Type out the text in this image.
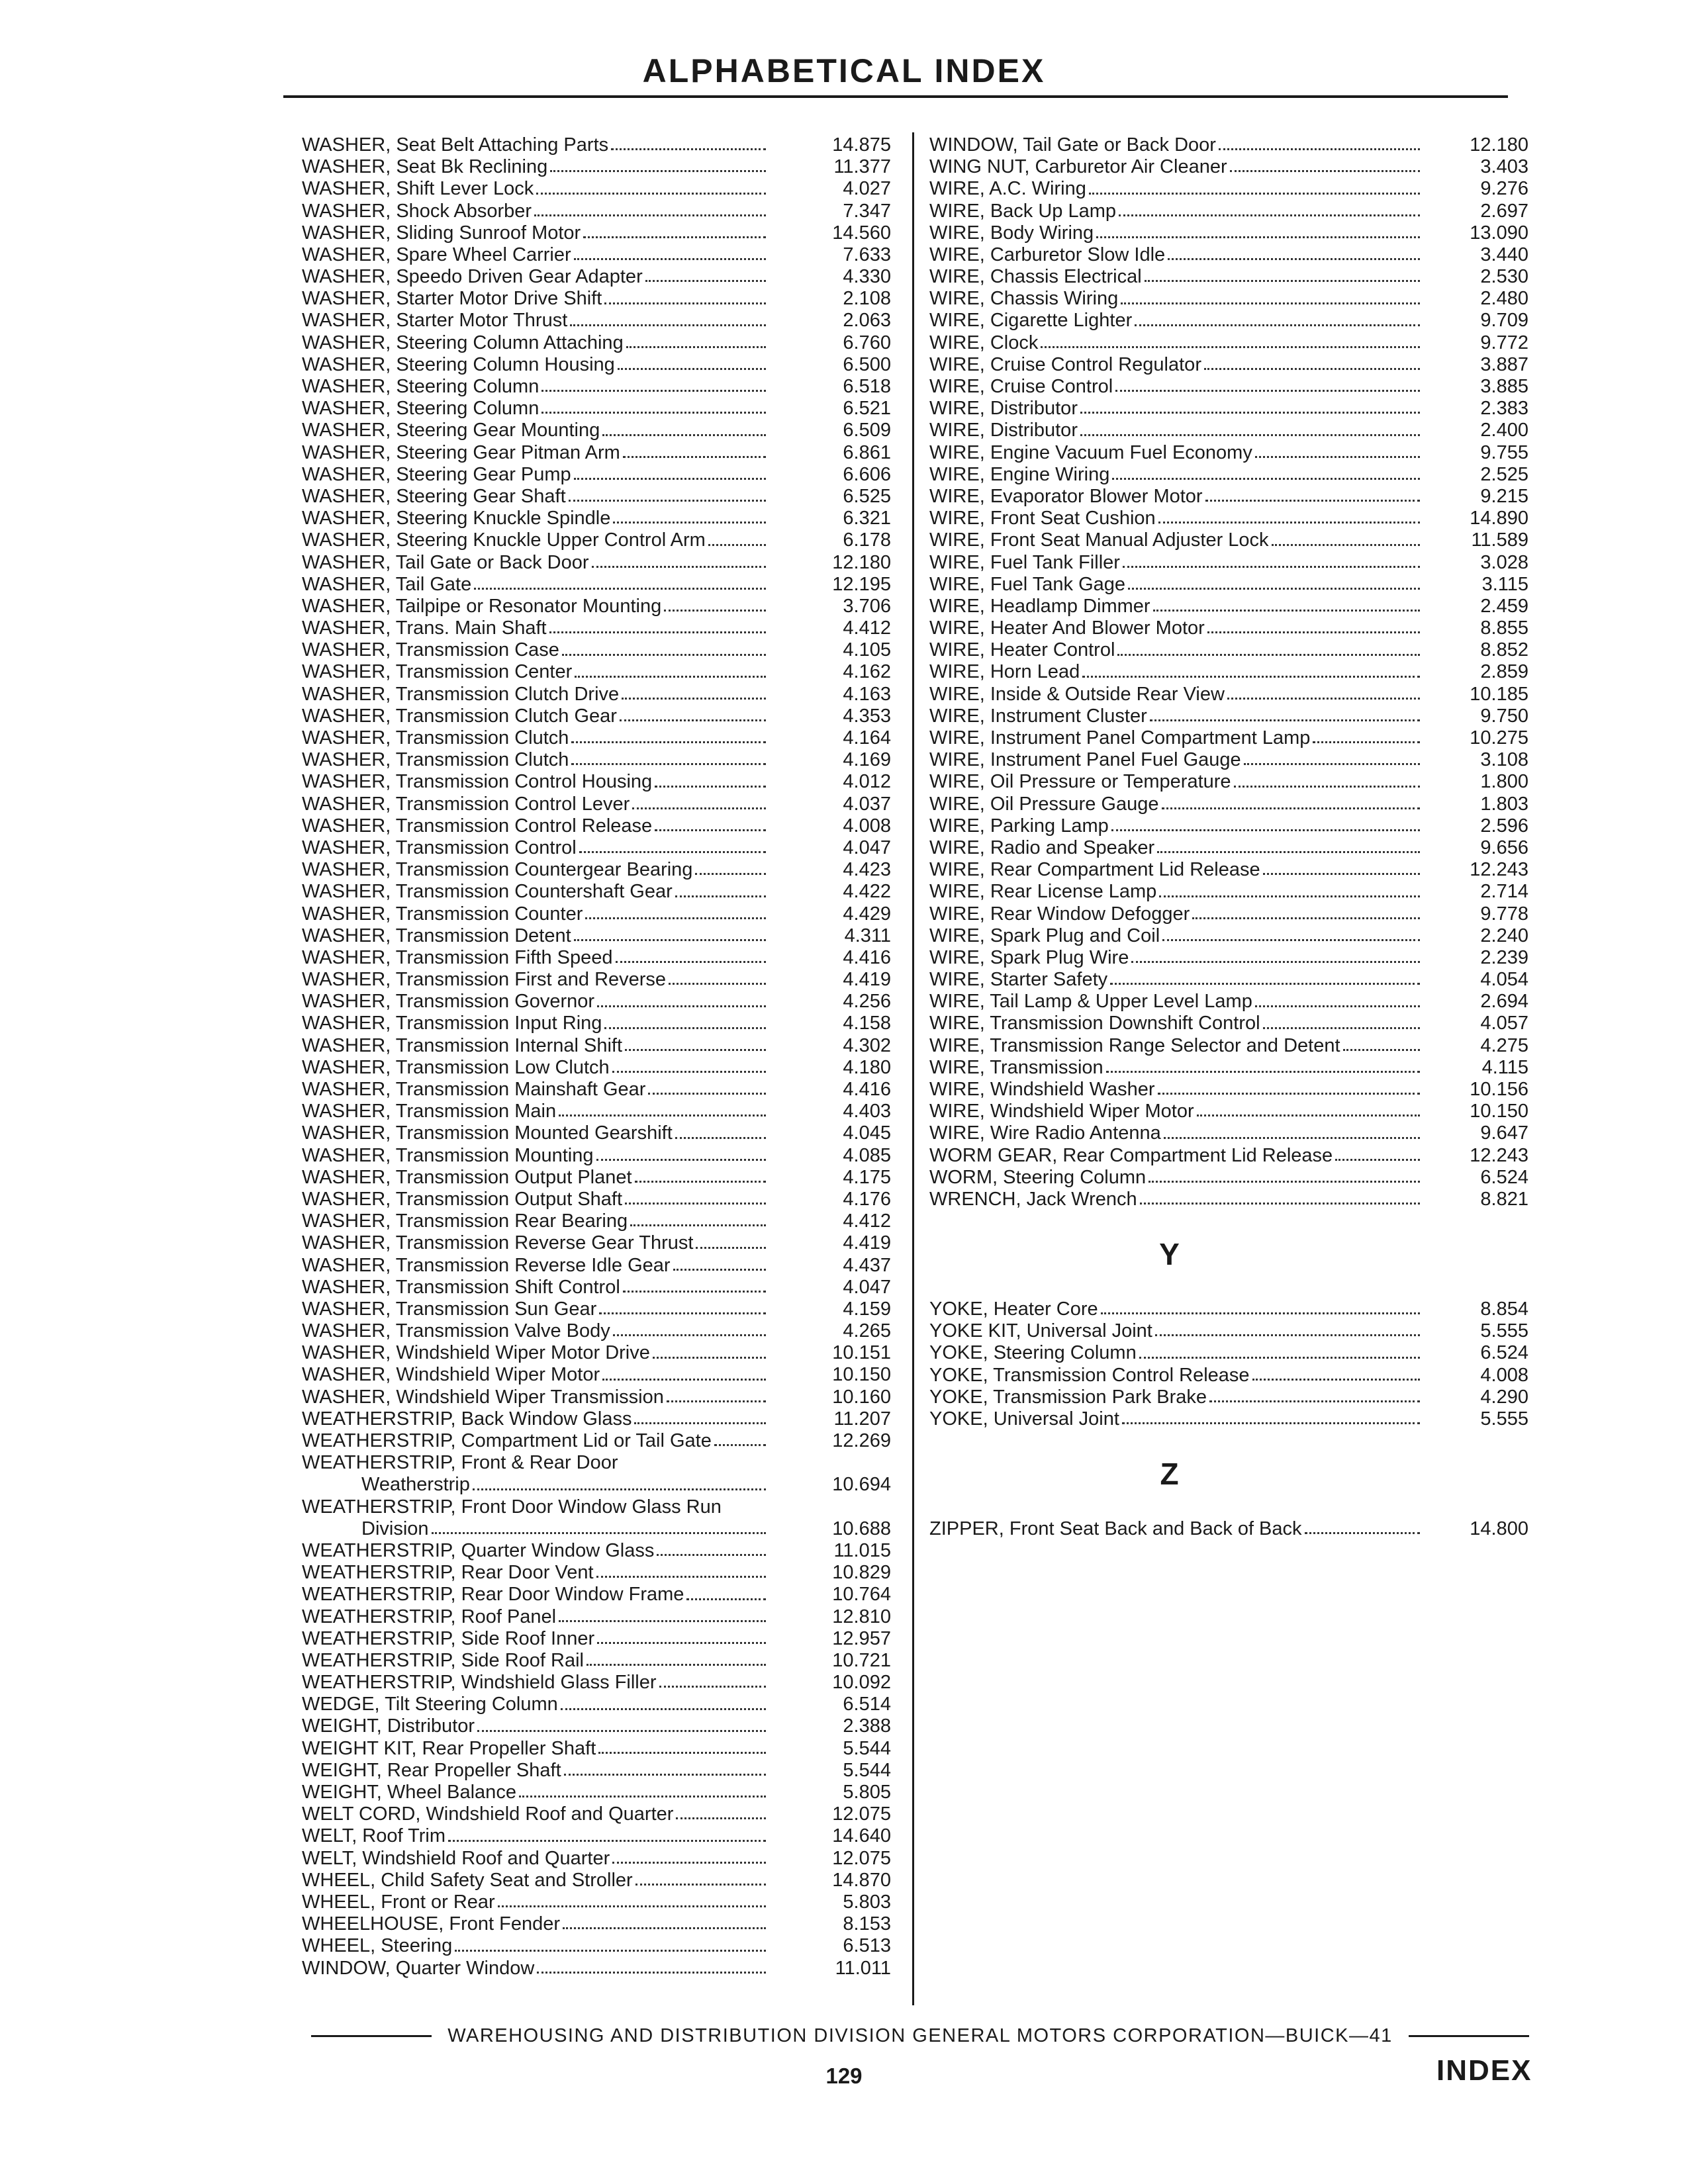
ALPHABETICAL INDEX
WASHER, Seat Belt Attaching Parts	14.875
WASHER, Seat Bk Reclining	11.377
WASHER, Shift Lever Lock	4.027
WASHER, Shock Absorber	7.347
WASHER, Sliding Sunroof Motor	14.560
WASHER, Spare Wheel Carrier	7.633
WASHER, Speedo Driven Gear Adapter	4.330
WASHER, Starter Motor Drive Shift	2.108
WASHER, Starter Motor Thrust	2.063
WASHER, Steering Column Attaching	6.760
WASHER, Steering Column Housing	6.500
WASHER, Steering Column	6.518
WASHER, Steering Column	6.521
WASHER, Steering Gear Mounting	6.509
WASHER, Steering Gear Pitman Arm	6.861
WASHER, Steering Gear Pump	6.606
WASHER, Steering Gear Shaft	6.525
WASHER, Steering Knuckle Spindle	6.321
WASHER, Steering Knuckle Upper Control Arm	6.178
WASHER, Tail Gate or Back Door	12.180
WASHER, Tail Gate	12.195
WASHER, Tailpipe or Resonator Mounting	3.706
WASHER, Trans. Main Shaft	4.412
WASHER, Transmission Case	4.105
WASHER, Transmission Center	4.162
WASHER, Transmission Clutch Drive	4.163
WASHER, Transmission Clutch Gear	4.353
WASHER, Transmission Clutch	4.164
WASHER, Transmission Clutch	4.169
WASHER, Transmission Control Housing	4.012
WASHER, Transmission Control Lever	4.037
WASHER, Transmission Control Release	4.008
WASHER, Transmission Control	4.047
WASHER, Transmission Countergear Bearing	4.423
WASHER, Transmission Countershaft Gear	4.422
WASHER, Transmission Counter	4.429
WASHER, Transmission Detent	4.311
WASHER, Transmission Fifth Speed	4.416
WASHER, Transmission First and Reverse	4.419
WASHER, Transmission Governor	4.256
WASHER, Transmission Input Ring	4.158
WASHER, Transmission Internal Shift	4.302
WASHER, Transmission Low Clutch	4.180
WASHER, Transmission Mainshaft Gear	4.416
WASHER, Transmission Main	4.403
WASHER, Transmission Mounted Gearshift	4.045
WASHER, Transmission Mounting	4.085
WASHER, Transmission Output Planet	4.175
WASHER, Transmission Output Shaft	4.176
WASHER, Transmission Rear Bearing	4.412
WASHER, Transmission Reverse Gear Thrust	4.419
WASHER, Transmission Reverse Idle Gear	4.437
WASHER, Transmission Shift Control	4.047
WASHER, Transmission Sun Gear	4.159
WASHER, Transmission Valve Body	4.265
WASHER, Windshield Wiper Motor Drive	10.151
WASHER, Windshield Wiper Motor	10.150
WASHER, Windshield Wiper Transmission	10.160
WEATHERSTRIP, Back Window Glass	11.207
WEATHERSTRIP, Compartment Lid or Tail Gate	12.269
WEATHERSTRIP, Front & Rear Door
Weatherstrip	10.694
WEATHERSTRIP, Front Door Window Glass Run
Division	10.688
WEATHERSTRIP, Quarter Window Glass	11.015
WEATHERSTRIP, Rear Door Vent	10.829
WEATHERSTRIP, Rear Door Window Frame	10.764
WEATHERSTRIP, Roof Panel	12.810
WEATHERSTRIP, Side Roof Inner	12.957
WEATHERSTRIP, Side Roof Rail	10.721
WEATHERSTRIP, Windshield Glass Filler	10.092
WEDGE, Tilt Steering Column	6.514
WEIGHT, Distributor	2.388
WEIGHT KIT, Rear Propeller Shaft	5.544
WEIGHT, Rear Propeller Shaft	5.544
WEIGHT, Wheel Balance	5.805
WELT CORD, Windshield Roof and Quarter	12.075
WELT, Roof Trim	14.640
WELT, Windshield Roof and Quarter	12.075
WHEEL, Child Safety Seat and Stroller	14.870
WHEEL, Front or Rear	5.803
WHEELHOUSE, Front Fender	8.153
WHEEL, Steering	6.513
WINDOW, Quarter Window	11.011
WINDOW, Tail Gate or Back Door	12.180
WING NUT, Carburetor Air Cleaner	3.403
WIRE, A.C. Wiring	9.276
WIRE, Back Up Lamp	2.697
WIRE, Body Wiring	13.090
WIRE, Carburetor Slow Idle	3.440
WIRE, Chassis Electrical	2.530
WIRE, Chassis Wiring	2.480
WIRE, Cigarette Lighter	9.709
WIRE, Clock	9.772
WIRE, Cruise Control Regulator	3.887
WIRE, Cruise Control	3.885
WIRE, Distributor	2.383
WIRE, Distributor	2.400
WIRE, Engine Vacuum Fuel Economy	9.755
WIRE, Engine Wiring	2.525
WIRE, Evaporator Blower Motor	9.215
WIRE, Front Seat Cushion	14.890
WIRE, Front Seat Manual Adjuster Lock	11.589
WIRE, Fuel Tank Filler	3.028
WIRE, Fuel Tank Gage	3.115
WIRE, Headlamp Dimmer	2.459
WIRE, Heater And Blower Motor	8.855
WIRE, Heater Control	8.852
WIRE, Horn Lead	2.859
WIRE, Inside & Outside Rear View	10.185
WIRE, Instrument Cluster	9.750
WIRE, Instrument Panel Compartment Lamp	10.275
WIRE, Instrument Panel Fuel Gauge	3.108
WIRE, Oil Pressure or Temperature	1.800
WIRE, Oil Pressure Gauge	1.803
WIRE, Parking Lamp	2.596
WIRE, Radio and Speaker	9.656
WIRE, Rear Compartment Lid Release	12.243
WIRE, Rear License Lamp	2.714
WIRE, Rear Window Defogger	9.778
WIRE, Spark Plug and Coil	2.240
WIRE, Spark Plug Wire	2.239
WIRE, Starter Safety	4.054
WIRE, Tail Lamp & Upper Level Lamp	2.694
WIRE, Transmission Downshift Control	4.057
WIRE, Transmission Range Selector and Detent	4.275
WIRE, Transmission	4.115
WIRE, Windshield Washer	10.156
WIRE, Windshield Wiper Motor	10.150
WIRE, Wire Radio Antenna	9.647
WORM GEAR, Rear Compartment Lid Release	12.243
WORM, Steering Column	6.524
WRENCH, Jack Wrench	8.821
Y
YOKE, Heater Core	8.854
YOKE KIT, Universal Joint	5.555
YOKE, Steering Column	6.524
YOKE, Transmission Control Release	4.008
YOKE, Transmission Park Brake	4.290
YOKE, Universal Joint	5.555
Z
ZIPPER, Front Seat Back and Back of Back	14.800
WAREHOUSING AND DISTRIBUTION DIVISION GENERAL MOTORS CORPORATION—BUICK—41
129	INDEX
